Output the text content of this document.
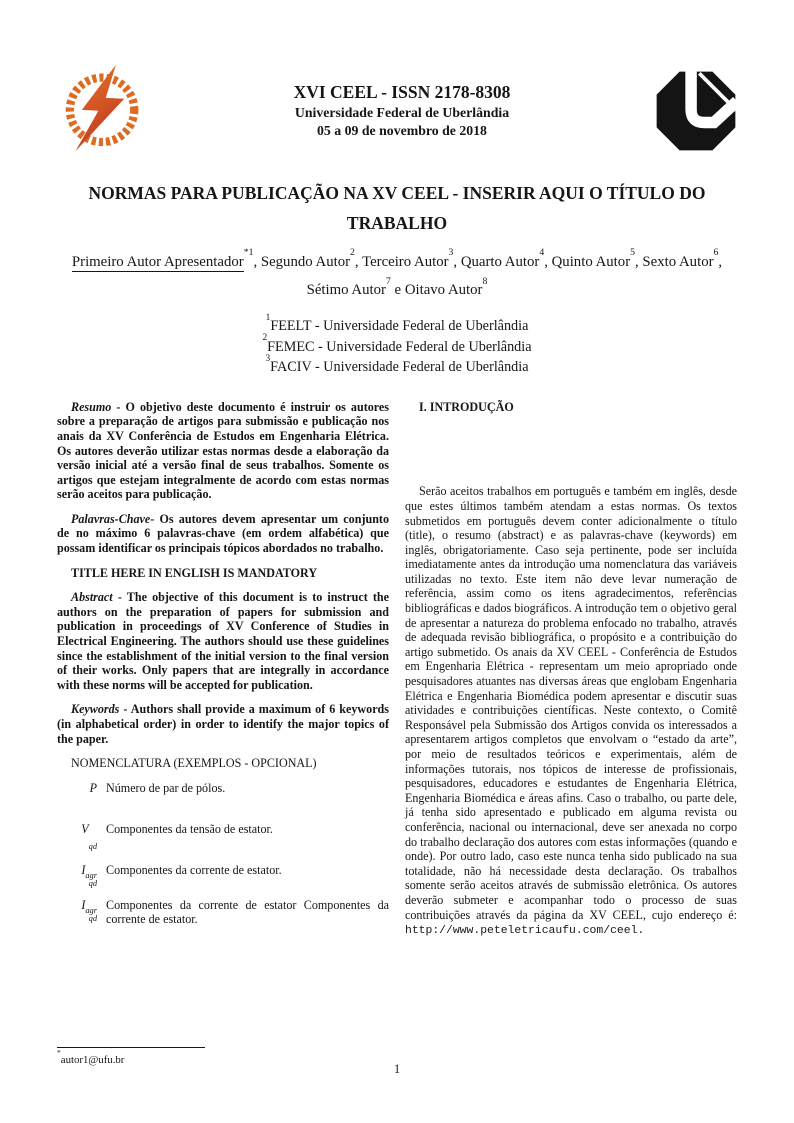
XVI CEEL - ISSN 2178-8308
Universidade Federal de Uberlândia
05 a 09 de novembro de 2018
NORMAS PARA PUBLICAÇÃO NA XV CEEL - INSERIR AQUI O TÍTULO DO TRABALHO
Primeiro Autor Apresentador$^{*1}$, Segundo Autor$^2$, Terceiro Autor$^3$, Quarto Autor$^4$, Quinto Autor$^5$, Sexto Autor$^6$, Sétimo Autor$^7$ e Oitavo Autor$^8$
$^1$FEELT - Universidade Federal de Uberlândia
$^2$FEMEC - Universidade Federal de Uberlândia
$^3$FACIV - Universidade Federal de Uberlândia

Resumo - O objetivo deste documento é instruir os autores sobre a preparação de artigos para submissão e publicação nos anais da XV Conferência de Estudos em Engenharia Elétrica. Os autores deverão utilizar estas normas desde a elaboração da versão inicial até a versão final de seus trabalhos. Somente os artigos que estejam integralmente de acordo com estas normas serão aceitos para publicação.

Palavras-Chave- Os autores devem apresentar um conjunto de no máximo 6 palavras-chave (em ordem alfabética) que possam identificar os principais tópicos abordados no trabalho.

TITLE HERE IN ENGLISH IS MANDATORY

Abstract - The objective of this document is to instruct the authors on the preparation of papers for submission and publication in proceedings of XV Conference of Studies in Electrical Engineering. The authors should use these guidelines since the establishment of the initial version to the final version of their works. Only papers that are integrally in accordance with these norms will be accepted for publication.

Keywords - Authors shall provide a maximum of 6 keywords (in alphabetical order) in order to identify the major topics of the paper.

NOMENCLATURA (EXEMPLOS - OPCIONAL)

P Número de par de pólos.
V
qd
Componentes da tensão de estator.
I agr
qd
Componentes da corrente de estator.
I agr
qd
Componentes da corrente de estator Componentes da corrente de estator.
*autor1@ufu.br

I. INTRODUÇÃO

Serão aceitos trabalhos em português e também em inglês, desde que estes últimos também atendam a estas normas. Os textos submetidos em português devem conter adicionalmente o título (title), o resumo (abstract) e as palavras-chave (keywords) em inglês, obrigatoriamente. Caso seja pertinente, pode ser incluída imediatamente antes da introdução uma nomenclatura das variáveis utilizadas no texto. Este item não deve levar numeração de referência, assim como os itens agradecimentos, referências bibliográficas e dados biográficos. A introdução tem o objetivo geral de apresentar a natureza do problema enfocado no trabalho, através de adequada revisão bibliográfica, o propósito e a contribuição do artigo submetido. Os anais da XV CEEL - Conferência de Estudos em Engenharia Elétrica - representam um meio apropriado onde pesquisadores atuantes nas diversas áreas que englobam Engenharia Elétrica e Engenharia Biomédica podem apresentar e discutir suas atividades e contribuições científicas. Neste contexto, o Comitê Responsável pela Submissão dos Artigos convida os interessados a apresentarem artigos completos que envolvam o “estado da arte”, por meio de resultados teóricos e experimentais, além de informações tutorais, nos tópicos de interesse de profissionais, pesquisadores, educadores e estudantes de Engenharia Elétrica, Engenharia Biomédica e áreas afins. Caso o trabalho, ou parte dele, já tenha sido apresentado e publicado em alguma revista ou conferência, nacional ou internacional, deve ser anexada no corpo do trabalho declaração dos autores com estas informações (quando e onde). Por outro lado, caso este nunca tenha sido publicado na sua totalidade, não há necessidade desta declaração. Os trabalhos somente serão aceitos através de submissão eletrônica. Os autores deverão submeter e acompanhar todo o processo de suas contribuições através da página da XV CEEL, cujo endereço é: http://www.peteletricaufu.com/ceel.

1
